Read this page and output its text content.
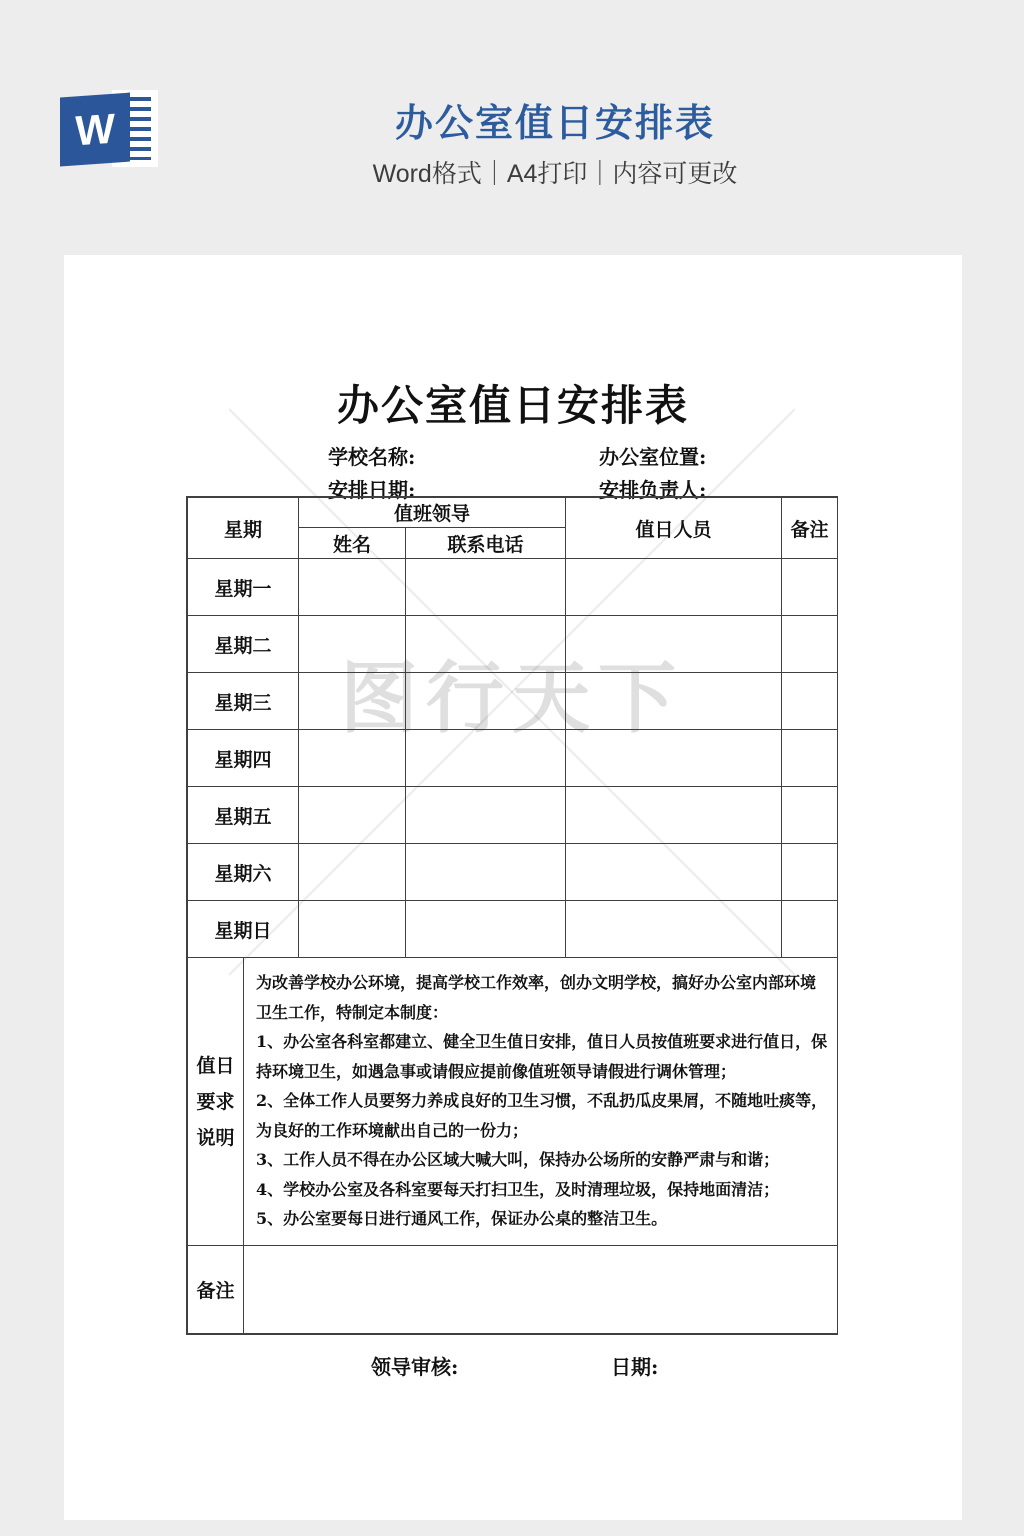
W	办公室值日安排表
Word格式｜A4打印｜内容可更改
图行天下
办公室值日安排表
学校名称:	办公室位置:
安排日期:	安排负责人:
星期	值班领导		值日人员	备注
	姓名	联系电话		
星期一				
星期二				
星期三				
星期四				
星期五				
星期六				
星期日				
值日
要求
说明

为改善学校办公环境，提高学校工作效率，创办文明学校，搞好办公室内部环境卫生工作，特制定本制度：

1、办公室各科室都建立、健全卫生值日安排，值日人员按值班要求进行值日，保持环境卫生，如遇急事或请假应提前像值班领导请假进行调休管理；

2、全体工作人员要努力养成良好的卫生习惯，不乱扔瓜皮果屑，不随地吐痰等，为良好的工作环境献出自己的一份力；

3、工作人员不得在办公区域大喊大叫，保持办公场所的安静严肃与和谐；

4、学校办公室及各科室要每天打扫卫生，及时清理垃圾，保持地面清洁；

5、办公室要每日进行通风工作，保证办公桌的整洁卫生。

备注	
领导审核:	日期:
